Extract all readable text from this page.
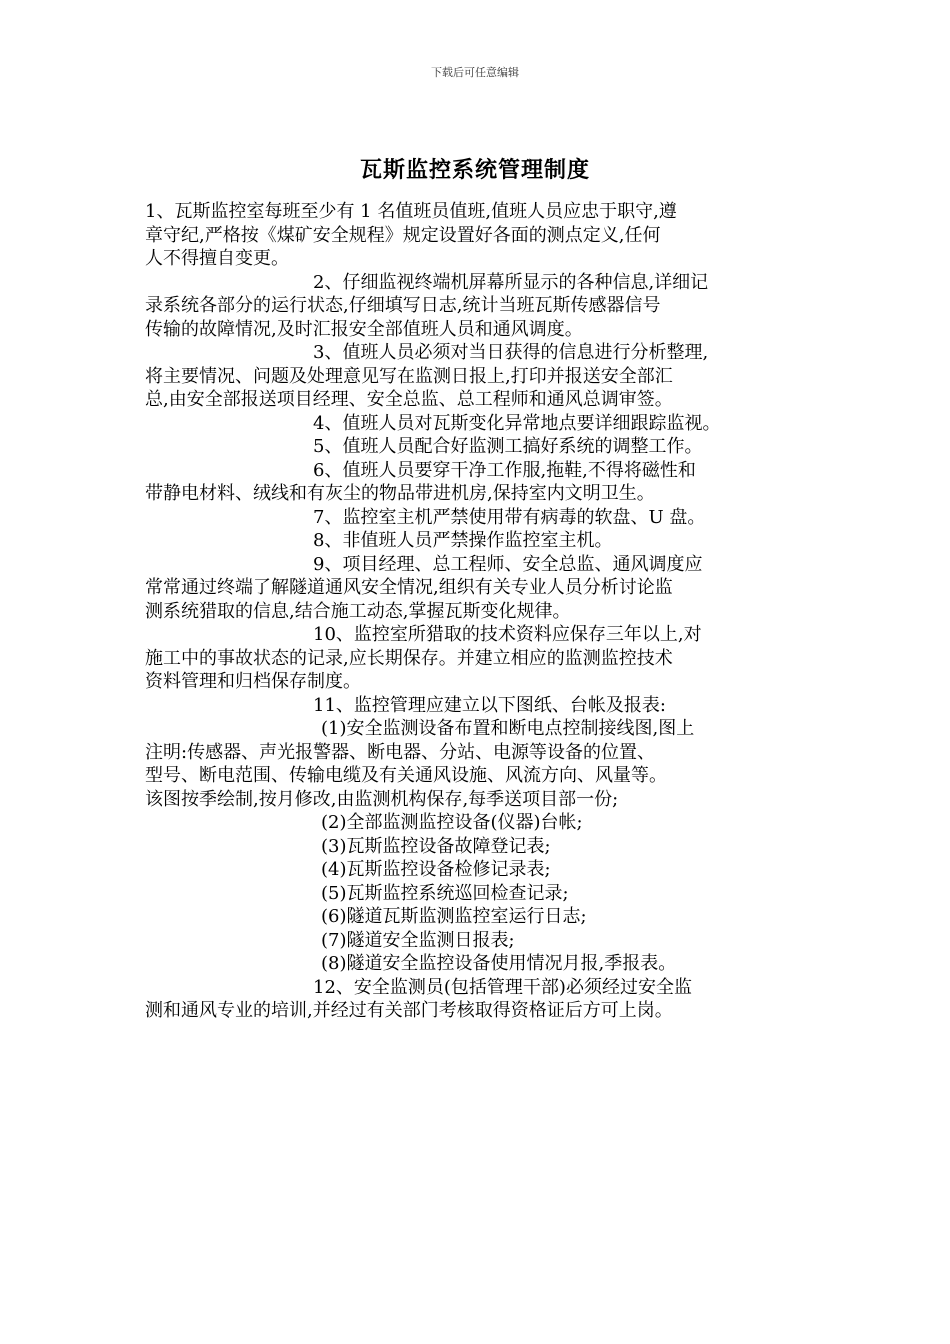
下载后可任意编辑
瓦斯监控系统管理制度
1、瓦斯监控室每班至少有 1 名值班员值班,值班人员应忠于职守,遵
章守纪,严格按《煤矿安全规程》规定设置好各面的测点定义,任何
人不得擅自变更。
2、仔细监视终端机屏幕所显示的各种信息,详细记
录系统各部分的运行状态,仔细填写日志,统计当班瓦斯传感器信号
传输的故障情况,及时汇报安全部值班人员和通风调度。
3、值班人员必须对当日获得的信息进行分析整理,
将主要情况、问题及处理意见写在监测日报上,打印并报送安全部汇
总,由安全部报送项目经理、安全总监、总工程师和通风总调审签。
4、值班人员对瓦斯变化异常地点要详细跟踪监视。
5、值班人员配合好监测工搞好系统的调整工作。
6、值班人员要穿干净工作服,拖鞋,不得将磁性和
带静电材料、绒线和有灰尘的物品带进机房,保持室内文明卫生。
7、监控室主机严禁使用带有病毒的软盘、U 盘。
8、非值班人员严禁操作监控室主机。
9、项目经理、总工程师、安全总监、通风调度应
常常通过终端了解隧道通风安全情况,组织有关专业人员分析讨论监
测系统猎取的信息,结合施工动态,掌握瓦斯变化规律。
10、监控室所猎取的技术资料应保存三年以上,对
施工中的事故状态的记录,应长期保存。并建立相应的监测监控技术
资料管理和归档保存制度。
11、监控管理应建立以下图纸、台帐及报表:
(1)安全监测设备布置和断电点控制接线图,图上
注明:传感器、声光报警器、断电器、分站、电源等设备的位置、
型号、断电范围、传输电缆及有关通风设施、风流方向、风量等。
该图按季绘制,按月修改,由监测机构保存,每季送项目部一份;
(2)全部监测监控设备(仪器)台帐;
(3)瓦斯监控设备故障登记表;
(4)瓦斯监控设备检修记录表;
(5)瓦斯监控系统巡回检查记录;
(6)隧道瓦斯监测监控室运行日志;
(7)隧道安全监测日报表;
(8)隧道安全监控设备使用情况月报,季报表。
12、安全监测员(包括管理干部)必须经过安全监
测和通风专业的培训,并经过有关部门考核取得资格证后方可上岗。
